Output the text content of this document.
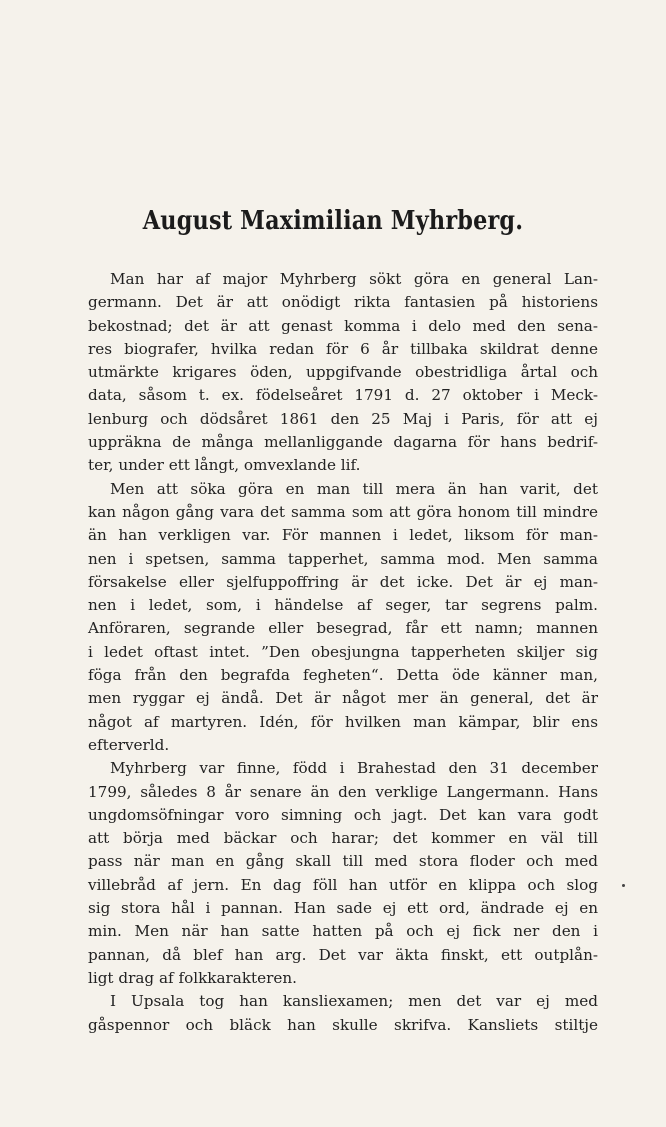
August Maximilian Myhrberg.
Man har af major Myhrberg sökt göra en general Lan-
germann. Det är att onödigt rikta fantasien på historiens
bekostnad; det är att genast komma i delo med den sena-
res biografer, hvilka redan för 6 år tillbaka skildrat denne
utmärkte krigares öden, uppgifvande obestridliga årtal och
data, såsom t. ex. födelseåret 1791 d. 27 oktober i Meck-
lenburg och dödsåret 1861 den 25 Maj i Paris, för att ej
uppräkna de många mellanliggande dagarna för hans bedrif-
ter, under ett långt, omvexlande lif.
Men att söka göra en man till mera än han varit, det
kan någon gång vara det samma som att göra honom till mindre
än han verkligen var. För mannen i ledet, liksom för man-
nen i spetsen, samma tapperhet, samma mod. Men samma
försakelse eller sjelfuppoffring är det icke. Det är ej man-
nen i ledet, som, i händelse af seger, tar segrens palm.
Anföraren, segrande eller besegrad, får ett namn; mannen
i ledet oftast intet. ”Den obesjungna tapperheten skiljer sig
föga från den begrafda fegheten“. Detta öde känner man,
men ryggar ej ändå. Det är något mer än general, det är
något af martyren. Idén, för hvilken man kämpar, blir ens
efterverld.
Myhrberg var finne, född i Brahestad den 31 december
1799, således 8 år senare än den verklige Langermann. Hans
ungdomsöfningar voro simning och jagt. Det kan vara godt
att börja med bäckar och harar; det kommer en väl till
pass när man en gång skall till med stora floder och med
villebråd af jern. En dag föll han utför en klippa och slog
sig stora hål i pannan. Han sade ej ett ord, ändrade ej en
min. Men när han satte hatten på och ej fick ner den i
pannan, då blef han arg. Det var äkta finskt, ett outplån-
ligt drag af folkkarakteren.
I Upsala tog han kansliexamen; men det var ej med
gåspennor och bläck han skulle skrifva. Kansliets stiltje
